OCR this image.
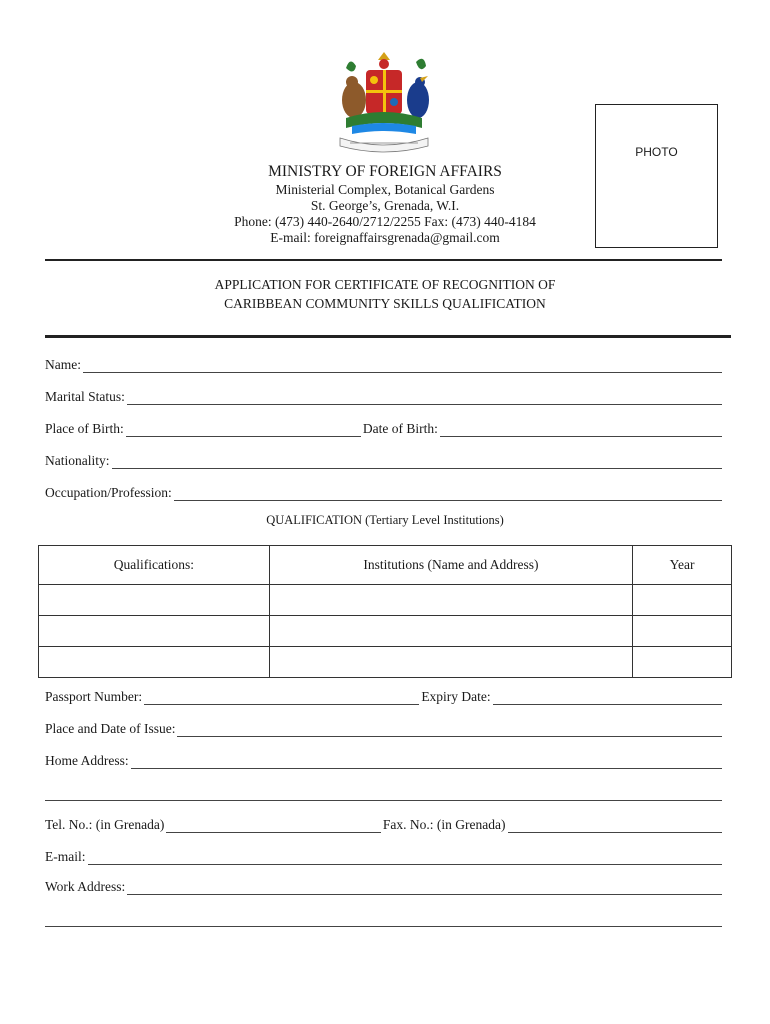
PHOTO
MINISTRY OF FOREIGN AFFAIRS
Ministerial Complex, Botanical Gardens
St. George’s, Grenada, W.I.
Phone: (473) 440-2640/2712/2255 Fax: (473) 440-4184
E-mail: foreignaffairsgrenada@gmail.com
APPLICATION FOR CERTIFICATE OF RECOGNITION OF
CARIBBEAN COMMUNITY SKILLS QUALIFICATION
Name:
Marital Status:
Place of Birth:	Date of Birth:
Nationality:
Occupation/Profession:
QUALIFICATION (Tertiary Level Institutions)
Qualifications:	Institutions (Name and Address)	Year

Passport Number:	Expiry Date:
Place and Date of Issue:
Home Address:
Tel. No.: (in Grenada)	Fax. No.: (in Grenada)
E-mail:
Work Address:
